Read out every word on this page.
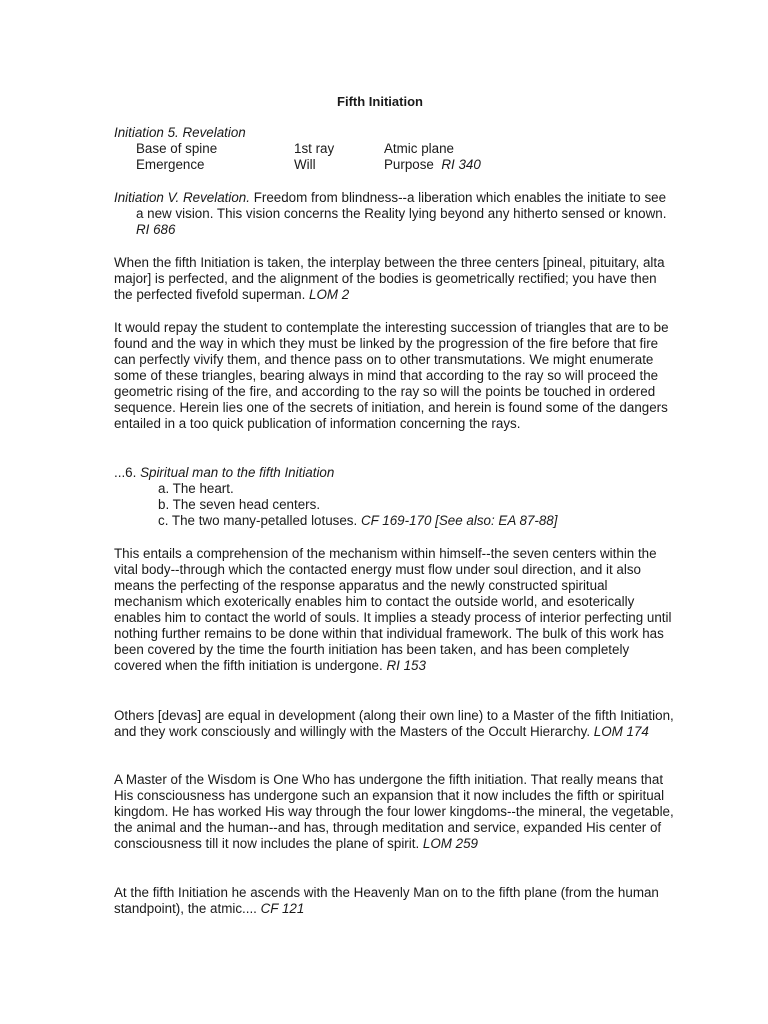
Fifth Initiation

Initiation 5. Revelation

Base of spine	1st ray	Atmic plane
Emergence	Will	Purpose RI 340

Initiation V. Revelation. Freedom from blindness--a liberation which enables the initiate to see a new vision. This vision concerns the Reality lying beyond any hitherto sensed or known. RI 686

When the fifth Initiation is taken, the interplay between the three centers [pineal, pituitary, alta major] is perfected, and the alignment of the bodies is geometrically rectified; you have then the perfected fivefold superman. LOM 2

It would repay the student to contemplate the interesting succession of triangles that are to be found and the way in which they must be linked by the progression of the fire before that fire can perfectly vivify them, and thence pass on to other transmutations. We might enumerate some of these triangles, bearing always in mind that according to the ray so will proceed the geometric rising of the fire, and according to the ray so will the points be touched in ordered sequence. Herein lies one of the secrets of initiation, and herein is found some of the dangers entailed in a too quick publication of information concerning the rays.

...6. Spiritual man to the fifth Initiation

a. The heart.

b. The seven head centers.

c. The two many-petalled lotuses. CF 169-170 [See also: EA 87-88]

This entails a comprehension of the mechanism within himself--the seven centers within the vital body--through which the contacted energy must flow under soul direction, and it also means the perfecting of the response apparatus and the newly constructed spiritual mechanism which exoterically enables him to contact the outside world, and esoterically enables him to contact the world of souls. It implies a steady process of interior perfecting until nothing further remains to be done within that individual framework. The bulk of this work has been covered by the time the fourth initiation has been taken, and has been completely covered when the fifth initiation is undergone. RI 153

Others [devas] are equal in development (along their own line) to a Master of the fifth Initiation, and they work consciously and willingly with the Masters of the Occult Hierarchy. LOM 174

A Master of the Wisdom is One Who has undergone the fifth initiation. That really means that His consciousness has undergone such an expansion that it now includes the fifth or spiritual kingdom. He has worked His way through the four lower kingdoms--the mineral, the vegetable, the animal and the human--and has, through meditation and service, expanded His center of consciousness till it now includes the plane of spirit. LOM 259

At the fifth Initiation he ascends with the Heavenly Man on to the fifth plane (from the human standpoint), the atmic.... CF 121
